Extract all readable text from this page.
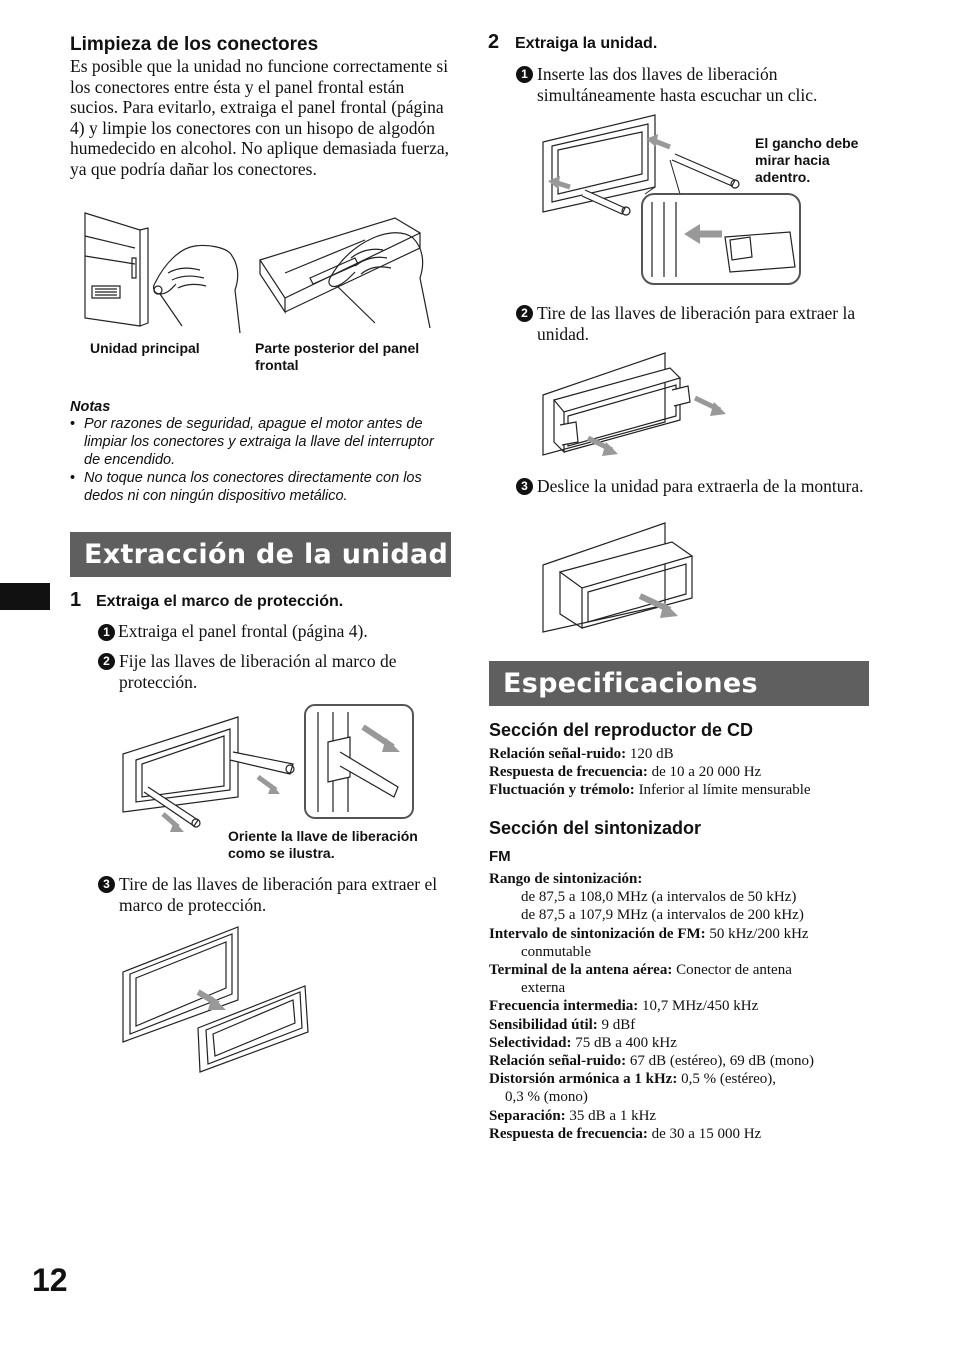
Limpieza de los conectores
Es posible que la unidad no funcione correctamente si los conectores entre ésta y el panel frontal están sucios. Para evitarlo, extraiga el panel frontal (página 4) y limpie los conectores con un hisopo de algodón humedecido en alcohol. No aplique demasiada fuerza, ya que podría dañar los conectores.
Unidad principal	Parte posterior del panel frontal
Notas
• Por razones de seguridad, apague el motor antes de limpiar los conectores y extraiga la llave del interruptor de encendido.
• No toque nunca los conectores directamente con los dedos ni con ningún dispositivo metálico.
Extracción de la unidad
1 Extraiga el marco de protección.
1 Extraiga el panel frontal (página 4).
2 Fije las llaves de liberación al marco de protección.
Oriente la llave de liberación como se ilustra.
3 Tire de las llaves de liberación para extraer el marco de protección.
2 Extraiga la unidad.
1 Inserte las dos llaves de liberación simultáneamente hasta escuchar un clic.
El gancho debe mirar hacia adentro.
2 Tire de las llaves de liberación para extraer la unidad.
3 Deslice la unidad para extraerla de la montura.
Especificaciones
Sección del reproductor de CD
Relación señal-ruido: 120 dB
Respuesta de frecuencia: de 10 a 20 000 Hz
Fluctuación y trémolo: Inferior al límite mensurable
Sección del sintonizador
FM
Rango de sintonización:
de 87,5 a 108,0 MHz (a intervalos de 50 kHz)
de 87,5 a 107,9 MHz (a intervalos de 200 kHz)
Intervalo de sintonización de FM: 50 kHz/200 kHz
conmutable
Terminal de la antena aérea: Conector de antena
externa
Frecuencia intermedia: 10,7 MHz/450 kHz
Sensibilidad útil: 9 dBf
Selectividad: 75 dB a 400 kHz
Relación señal-ruido: 67 dB (estéreo), 69 dB (mono)
Distorsión armónica a 1 kHz: 0,5 % (estéreo),
0,3 % (mono)
Separación: 35 dB a 1 kHz
Respuesta de frecuencia: de 30 a 15 000 Hz
12
